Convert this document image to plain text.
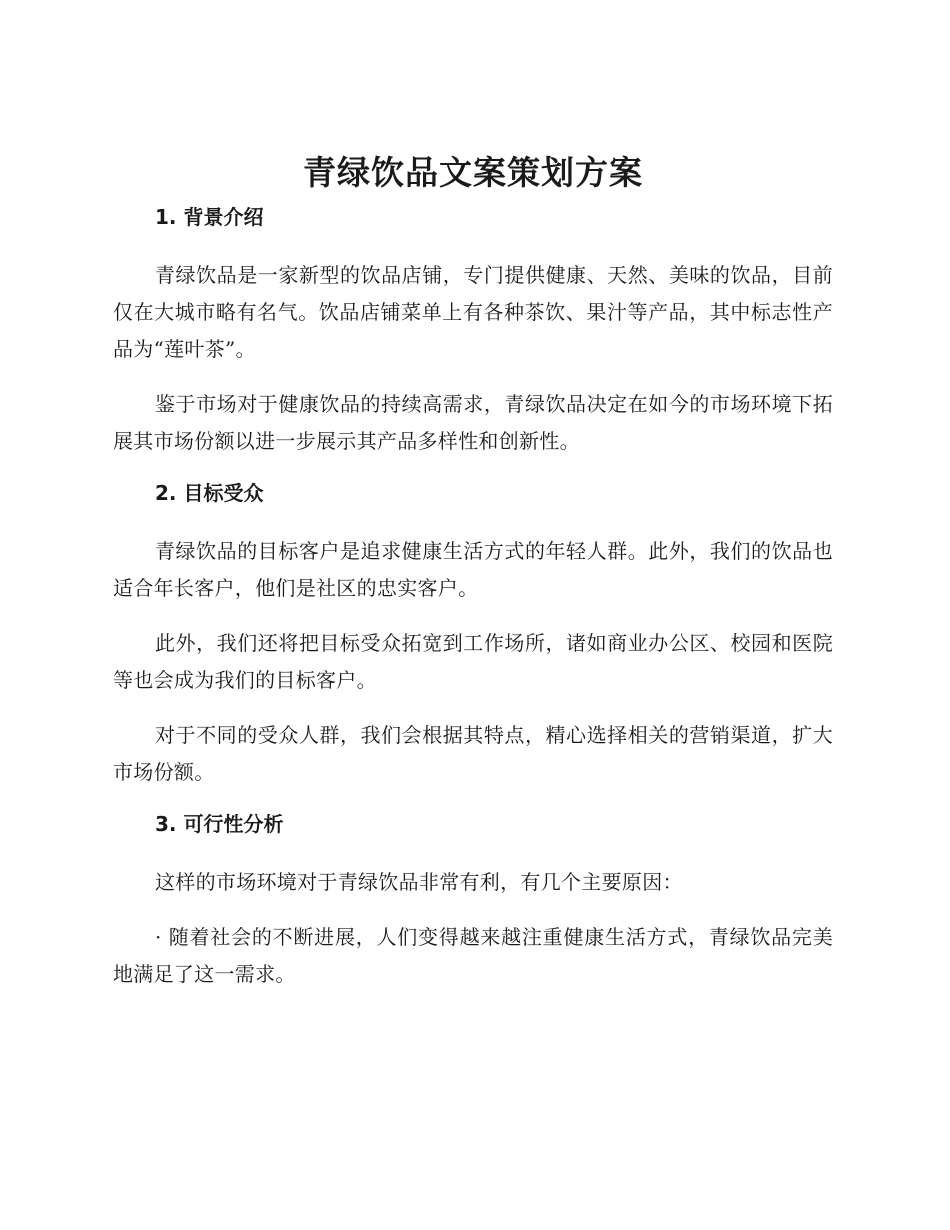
青绿饮品文案策划方案
1. 背景介绍

青绿饮品是一家新型的饮品店铺，专门提供健康、天然、美味的饮品，目前仅在大城市略有名气。饮品店铺菜单上有各种茶饮、果汁等产品，其中标志性产品为“莲叶茶”。

鉴于市场对于健康饮品的持续高需求，青绿饮品决定在如今的市场环境下拓展其市场份额以进一步展示其产品多样性和创新性。

2. 目标受众

青绿饮品的目标客户是追求健康生活方式的年轻人群。此外，我们的饮品也适合年长客户，他们是社区的忠实客户。

此外，我们还将把目标受众拓宽到工作场所，诸如商业办公区、校园和医院等也会成为我们的目标客户。

对于不同的受众人群，我们会根据其特点，精心选择相关的营销渠道，扩大市场份额。

3. 可行性分析

这样的市场环境对于青绿饮品非常有利，有几个主要原因：

· 随着社会的不断进展，人们变得越来越注重健康生活方式，青绿饮品完美地满足了这一需求。
